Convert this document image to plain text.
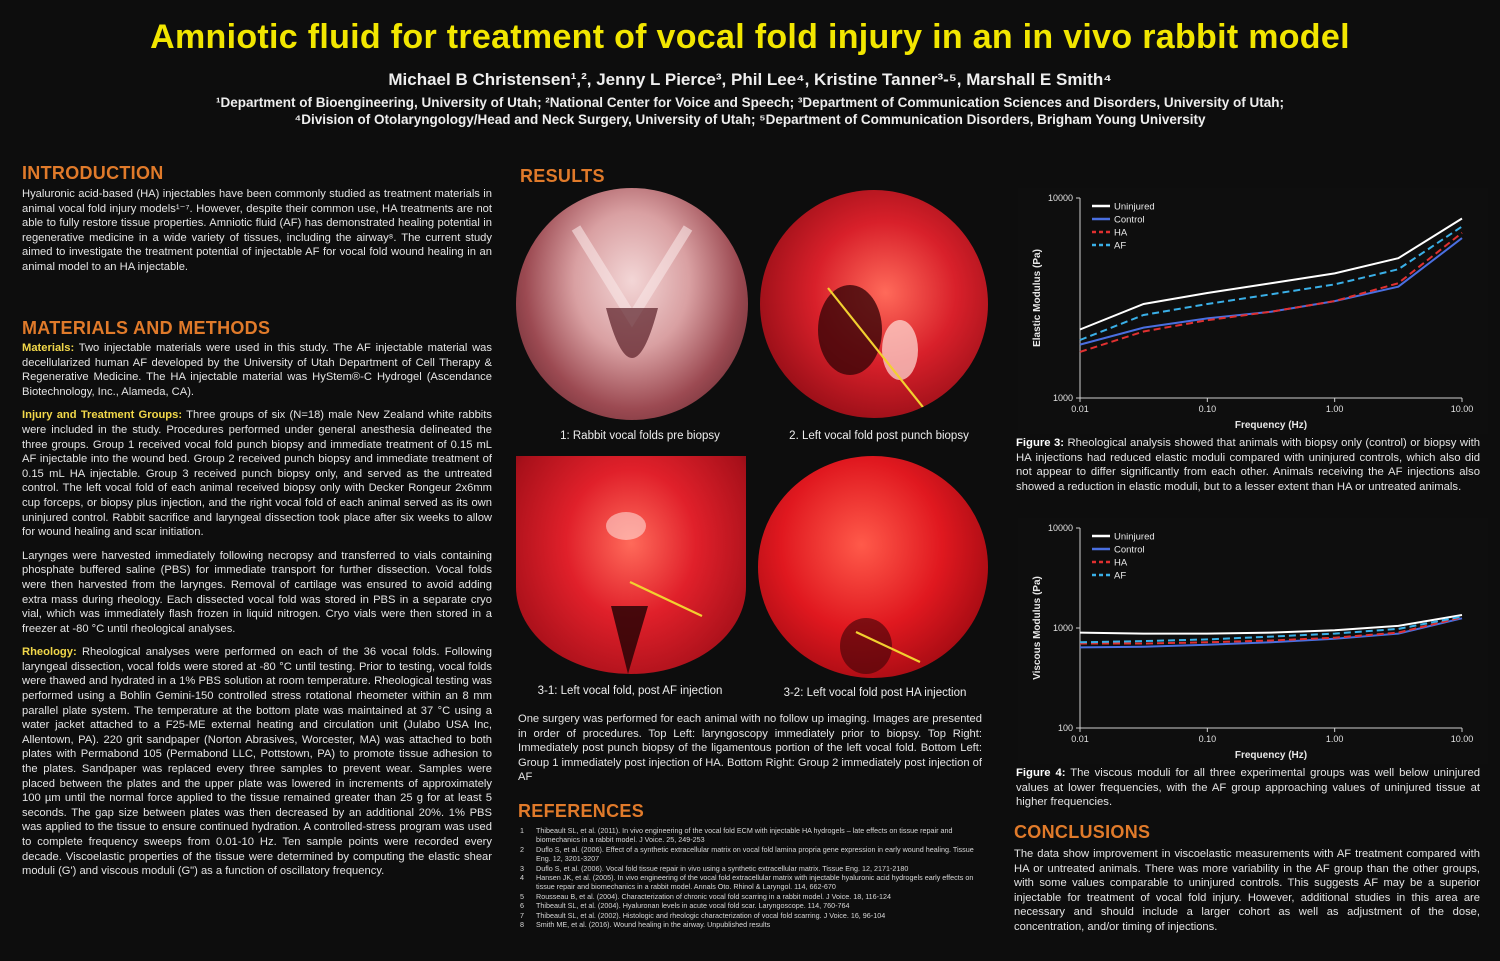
Amniotic fluid for treatment of vocal fold injury in an in vivo rabbit model
Michael B Christensen¹,², Jenny L Pierce³, Phil Lee⁴, Kristine Tanner³-⁵, Marshall E Smith⁴
¹Department of Bioengineering, University of Utah; ²National Center for Voice and Speech; ³Department of Communication Sciences and Disorders, University of Utah;
⁴Division of Otolaryngology/Head and Neck Surgery, University of Utah; ⁵Department of Communication Disorders, Brigham Young University
INTRODUCTION
Hyaluronic acid-based (HA) injectables have been commonly studied as treatment materials in animal vocal fold injury models¹⁻⁷. However, despite their common use, HA treatments are not able to fully restore tissue properties. Amniotic fluid (AF) has demonstrated healing potential in regenerative medicine in a wide variety of tissues, including the airway⁸. The current study aimed to investigate the treatment potential of injectable AF for vocal fold wound healing in an animal model to an HA injectable.
MATERIALS AND METHODS

Materials: Two injectable materials were used in this study. The AF injectable material was decellularized human AF developed by the University of Utah Department of Cell Therapy & Regenerative Medicine. The HA injectable material was HyStem®-C Hydrogel (Ascendance Biotechnology, Inc., Alameda, CA).

Injury and Treatment Groups: Three groups of six (N=18) male New Zealand white rabbits were included in the study. Procedures performed under general anesthesia delineated the three groups. Group 1 received vocal fold punch biopsy and immediate treatment of 0.15 mL AF injectable into the wound bed. Group 2 received punch biopsy and immediate treatment of 0.15 mL HA injectable. Group 3 received punch biopsy only, and served as the untreated control. The left vocal fold of each animal received biopsy only with Decker Rongeur 2x6mm cup forceps, or biopsy plus injection, and the right vocal fold of each animal served as its own uninjured control. Rabbit sacrifice and laryngeal dissection took place after six weeks to allow for wound healing and scar initiation.

Larynges were harvested immediately following necropsy and transferred to vials containing phosphate buffered saline (PBS) for immediate transport for further dissection. Vocal folds were then harvested from the larynges. Removal of cartilage was ensured to avoid adding extra mass during rheology. Each dissected vocal fold was stored in PBS in a separate cryo vial, which was immediately flash frozen in liquid nitrogen. Cryo vials were then stored in a freezer at -80 °C until rheological analyses.

Rheology: Rheological analyses were performed on each of the 36 vocal folds. Following laryngeal dissection, vocal folds were stored at -80 °C until testing. Prior to testing, vocal folds were thawed and hydrated in a 1% PBS solution at room temperature. Rheological testing was performed using a Bohlin Gemini-150 controlled stress rotational rheometer within an 8 mm parallel plate system. The temperature at the bottom plate was maintained at 37 °C using a water jacket attached to a F25-ME external heating and circulation unit (Julabo USA Inc, Allentown, PA). 220 grit sandpaper (Norton Abrasives, Worcester, MA) was attached to both plates with Permabond 105 (Permabond LLC, Pottstown, PA) to promote tissue adhesion to the plates. Sandpaper was replaced every three samples to prevent wear. Samples were placed between the plates and the upper plate was lowered in increments of approximately 100 µm until the normal force applied to the tissue remained greater than 25 g for at least 5 seconds. The gap size between plates was then decreased by an additional 20%. 1% PBS was applied to the tissue to ensure continued hydration. A controlled-stress program was used to complete frequency sweeps from 0.01-10 Hz. Ten sample points were recorded every decade. Viscoelastic properties of the tissue were determined by computing the elastic shear moduli (G') and viscous moduli (G") as a function of oscillatory frequency.

RESULTS
1: Rabbit vocal folds pre biopsy	2. Left vocal fold post punch biopsy
3-1: Left vocal fold, post AF injection	3-2: Left vocal fold post HA injection
One surgery was performed for each animal with no follow up imaging. Images are presented in order of procedures. Top Left: laryngoscopy immediately prior to biopsy. Top Right: Immediately post punch biopsy of the ligamentous portion of the left vocal fold. Bottom Left: Group 1 immediately post injection of HA. Bottom Right: Group 2 immediately post injection of AF
REFERENCES
1	Thibeault SL, et al. (2011). In vivo engineering of the vocal fold ECM with injectable HA hydrogels – late effects on tissue repair and biomechanics in a rabbit model. J Voice. 25, 249-253
2	Duflo S, et al. (2006). Effect of a synthetic extracellular matrix on vocal fold lamina propria gene expression in early wound healing. Tissue Eng. 12, 3201-3207
3	Duflo S, et al. (2006). Vocal fold tissue repair in vivo using a synthetic extracellular matrix. Tissue Eng. 12, 2171-2180
4	Hansen JK, et al. (2005). In vivo engineering of the vocal fold extracellular matrix with injectable hyaluronic acid hydrogels early effects on tissue repair and biomechanics in a rabbit model. Annals Oto. Rhinol & Laryngol. 114, 662-670
5	Rousseau B, et al. (2004). Characterization of chronic vocal fold scarring in a rabbit model. J Voice. 18, 116-124
6	Thibeault SL, et al. (2004). Hyaluronan levels in acute vocal fold scar. Laryngoscope. 114, 760-764
7	Thibeault SL, et al. (2002). Histologic and rheologic characterization of vocal fold scarring. J Voice. 16, 96-104
8	Smith ME, et al. (2016). Wound healing in the airway. Unpublished results
1000
10000
0.01	0.10	1.00	10.00
Frequency (Hz)
Elastic Modulus (Pa)
Uninjured
Control
HA
AF
Figure 3: Rheological analysis showed that animals with biopsy only (control) or biopsy with HA injections had reduced elastic moduli compared with uninjured controls, which also did not appear to differ significantly from each other. Animals receiving the AF injections also showed a reduction in elastic moduli, but to a lesser extent than HA or untreated animals.
100
1000
10000
0.01	0.10	1.00	10.00
Frequency (Hz)
Viscous Modulus (Pa)
Uninjured
Control
HA
AF
Figure 4: The viscous moduli for all three experimental groups was well below uninjured values at lower frequencies, with the AF group approaching values of uninjured tissue at higher frequencies.
CONCLUSIONS
The data show improvement in viscoelastic measurements with AF treatment compared with HA or untreated animals. There was more variability in the AF group than the other groups, with some values comparable to uninjured controls. This suggests AF may be a superior injectable for treatment of vocal fold injury. However, additional studies in this area are necessary and should include a larger cohort as well as adjustment of the dose, concentration, and/or timing of injections.
